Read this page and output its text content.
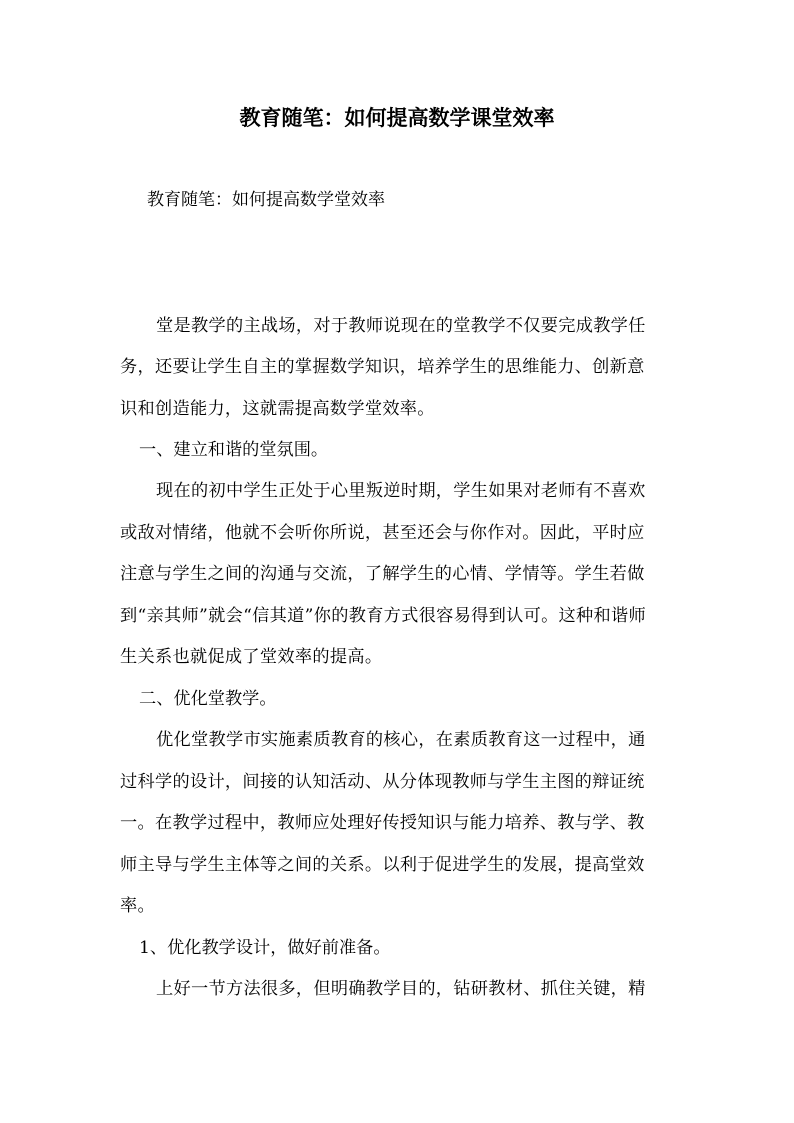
教育随笔：如何提高数学课堂效率
教育随笔：如何提高数学堂效率
堂是教学的主战场，对于教师说现在的堂教学不仅要完成教学任
务，还要让学生自主的掌握数学知识，培养学生的思维能力、创新意
识和创造能力，这就需提高数学堂效率。
一、建立和谐的堂氛围。
现在的初中学生正处于心里叛逆时期，学生如果对老师有不喜欢
或敌对情绪，他就不会听你所说，甚至还会与你作对。因此，平时应
注意与学生之间的沟通与交流，了解学生的心情、学情等。学生若做
到“亲其师”就会“信其道”你的教育方式很容易得到认可。这种和谐师
生关系也就促成了堂效率的提高。
二、优化堂教学。
优化堂教学市实施素质教育的核心，在素质教育这一过程中，通
过科学的设计，间接的认知活动、从分体现教师与学生主图的辩证统
一。在教学过程中，教师应处理好传授知识与能力培养、教与学、教
师主导与学生主体等之间的关系。以利于促进学生的发展，提高堂效
率。
1、优化教学设计，做好前准备。
上好一节方法很多，但明确教学目的，钻研教材、抓住关键，精
